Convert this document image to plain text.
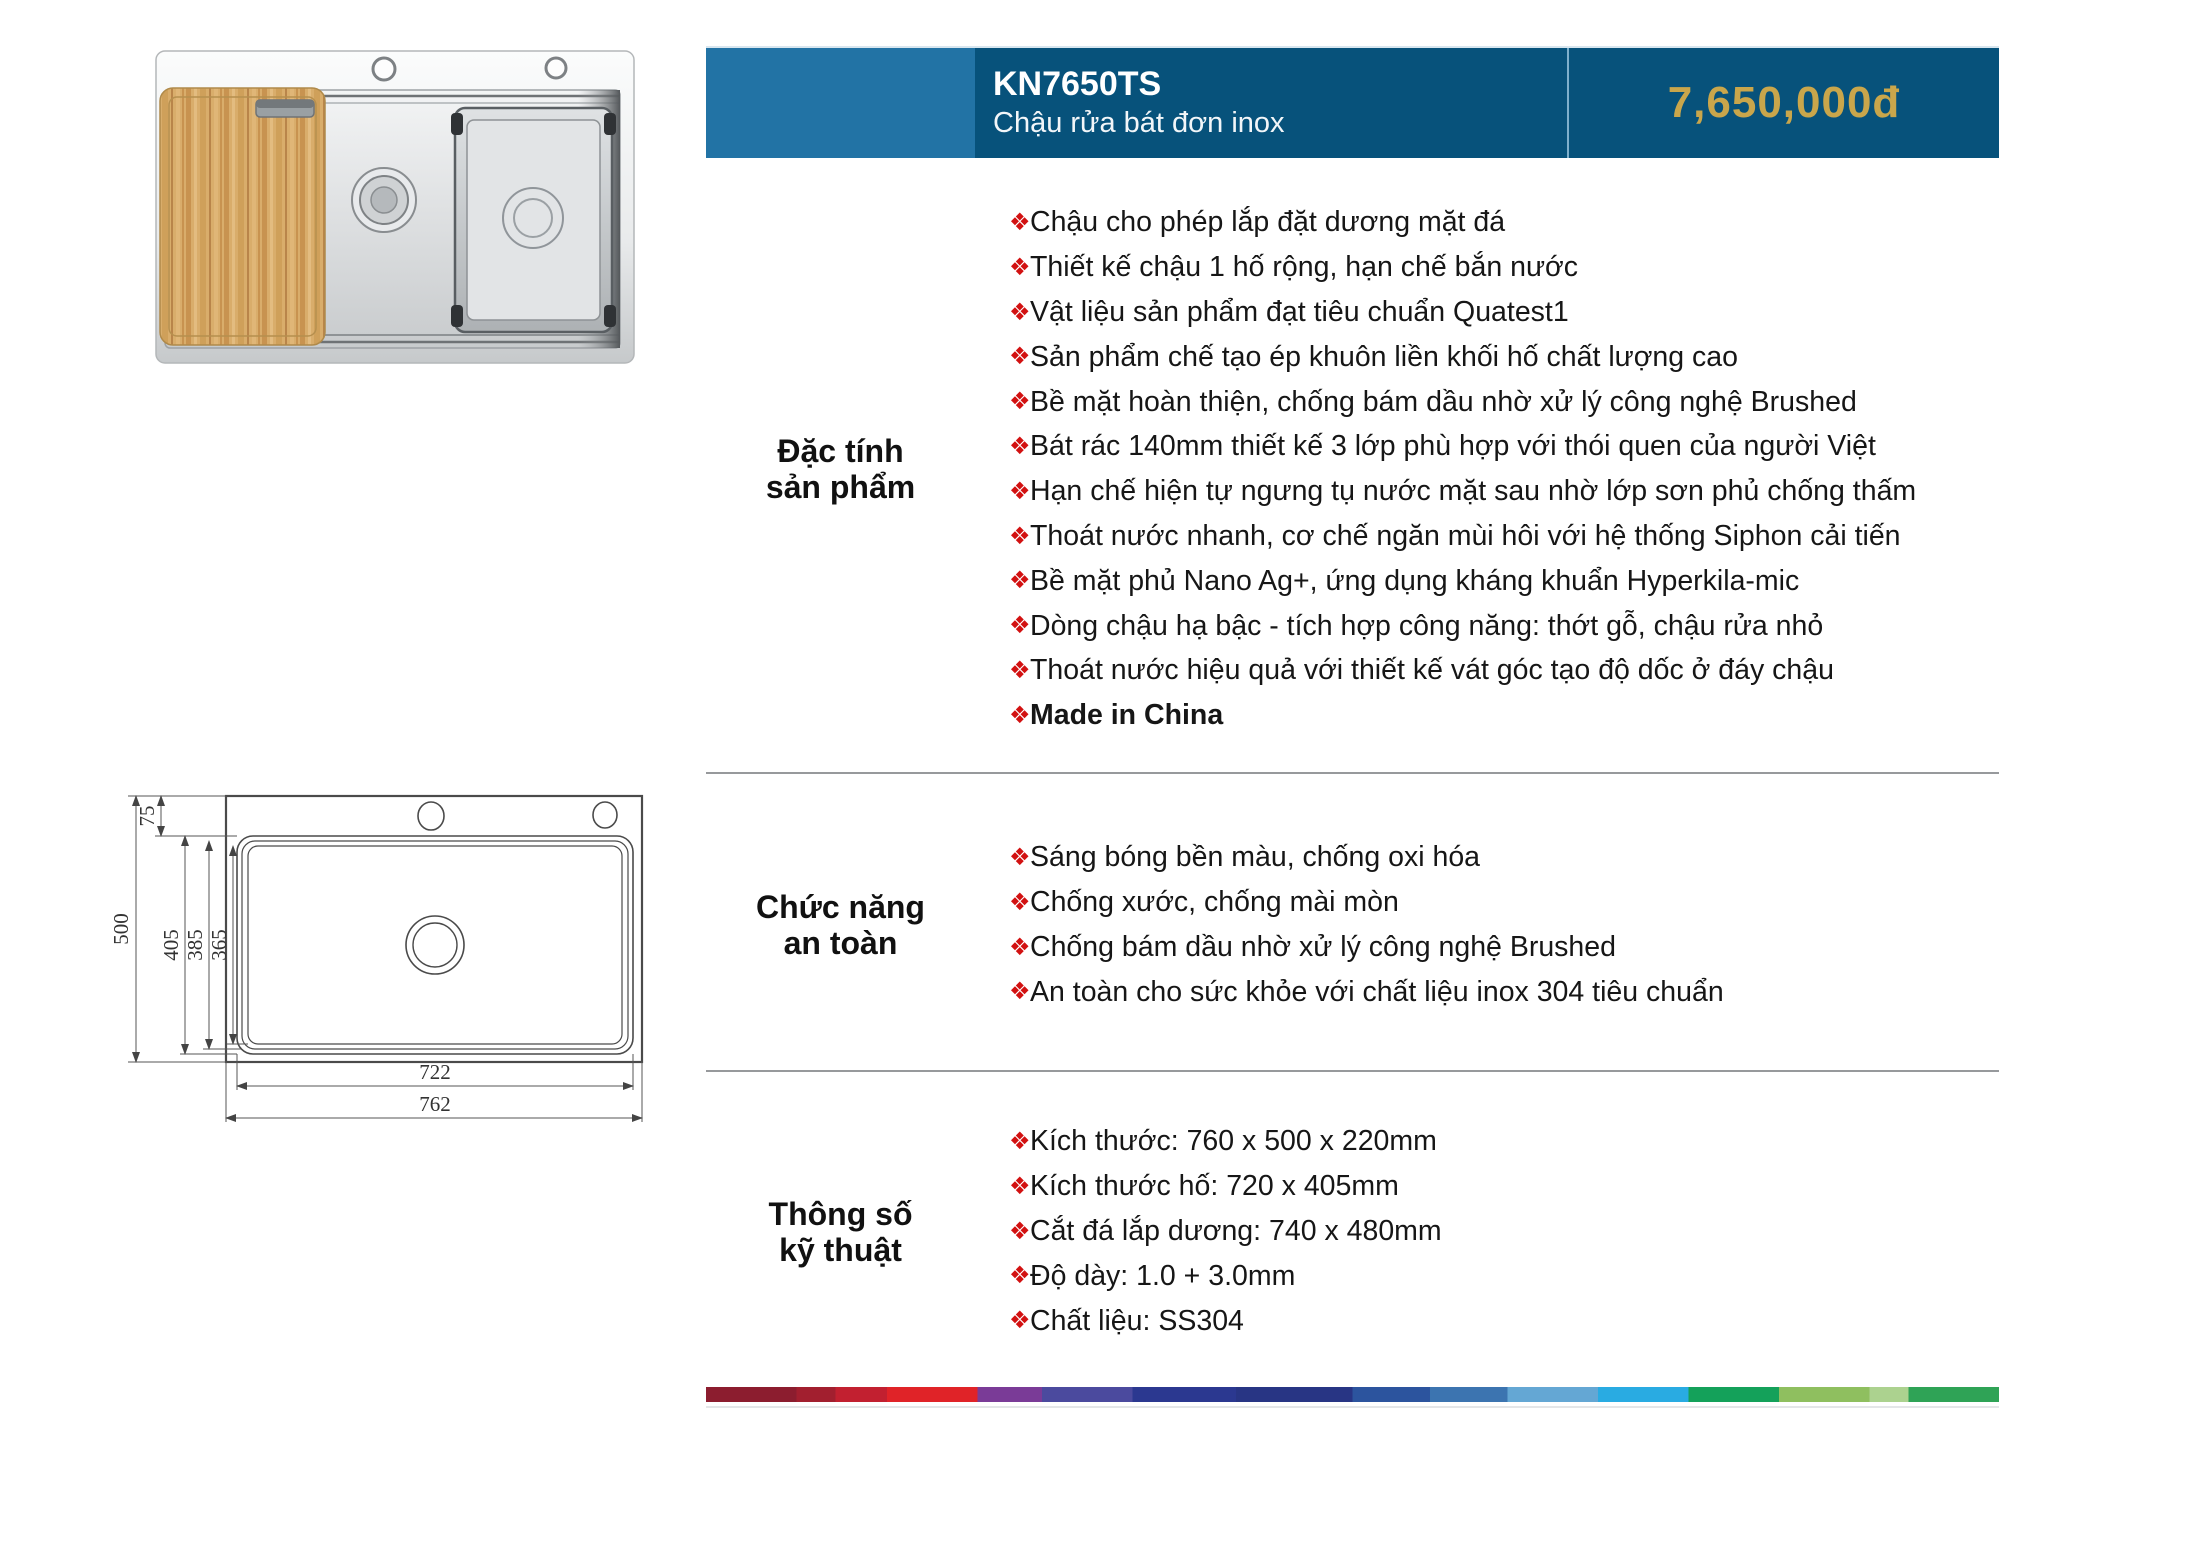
KN7650TS
Chậu rửa bát đơn inox	7,650,000đ
Đặc tính
sản phẩm
❖ Chậu cho phép lắp đặt dương mặt đá
❖ Thiết kế chậu 1 hố rộng, hạn chế bắn nước
❖ Vật liệu sản phẩm đạt tiêu chuẩn Quatest1
❖ Sản phẩm chế tạo ép khuôn liền khối hố chất lượng cao
❖ Bề mặt hoàn thiện, chống bám dầu nhờ xử lý công nghệ Brushed
❖ Bát rác 140mm thiết kế 3 lớp phù hợp với thói quen của người Việt
❖ Hạn chế hiện tự ngưng tụ nước mặt sau nhờ lớp sơn phủ chống thấm
❖ Thoát nước nhanh, cơ chế ngăn mùi hôi với hệ thống Siphon cải tiến
❖ Bề mặt phủ Nano Ag+, ứng dụng kháng khuẩn Hyperkila-mic
❖ Dòng chậu hạ bậc - tích hợp công năng: thớt gỗ, chậu rửa nhỏ
❖ Thoát nước hiệu quả với thiết kế vát góc tạo độ dốc ở đáy chậu
❖ Made in China
Chức năng
an toàn
❖ Sáng bóng bền màu, chống oxi hóa
❖ Chống xước, chống mài mòn
❖ Chống bám dầu nhờ xử lý công nghệ Brushed
❖ An toàn cho sức khỏe với chất liệu inox 304 tiêu chuẩn
Thông số
kỹ thuật
❖ Kích thước: 760 x 500 x 220mm
❖ Kích thước hố: 720 x 405mm
❖ Cắt đá lắp dương: 740 x 480mm
❖ Độ dày: 1.0 + 3.0mm
❖ Chất liệu: SS304
500
75
405 385 365
722
762
